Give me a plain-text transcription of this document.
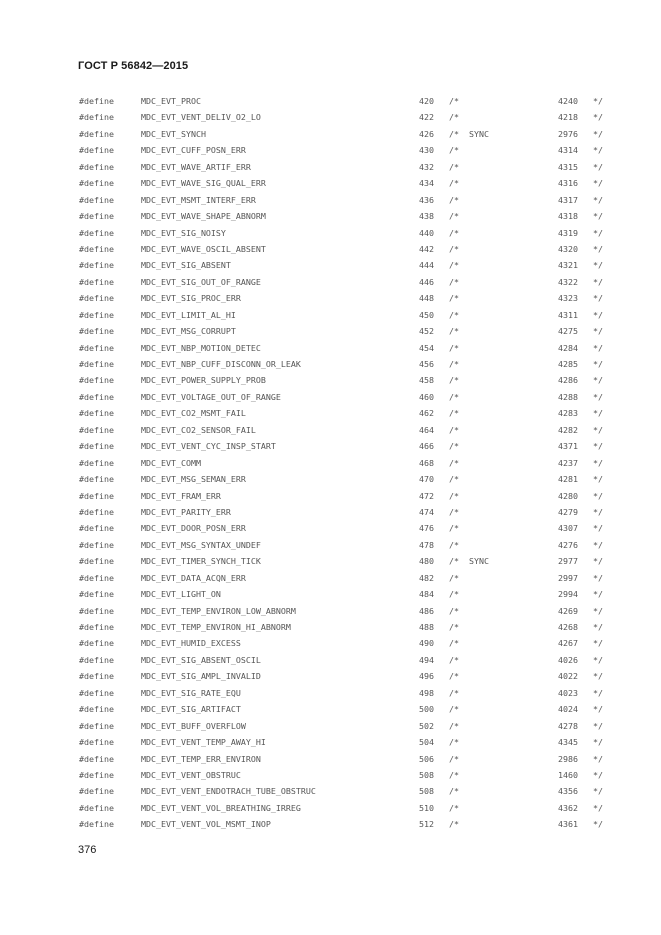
ГОСТ Р 56842—2015
#define	MDC_EVT_PROC	420 /*	4240 */
#define	MDC_EVT_VENT_DELIV_O2_LO	422 /*	4218 */
#define	MDC_EVT_SYNCH	426 /* SYNC	2976 */
#define	MDC_EVT_CUFF_POSN_ERR	430 /*	4314 */
#define	MDC_EVT_WAVE_ARTIF_ERR	432 /*	4315 */
#define	MDC_EVT_WAVE_SIG_QUAL_ERR	434 /*	4316 */
#define	MDC_EVT_MSMT_INTERF_ERR	436 /*	4317 */
#define	MDC_EVT_WAVE_SHAPE_ABNORM	438 /*	4318 */
#define	MDC_EVT_SIG_NOISY	440 /*	4319 */
#define	MDC_EVT_WAVE_OSCIL_ABSENT	442 /*	4320 */
#define	MDC_EVT_SIG_ABSENT	444 /*	4321 */
#define	MDC_EVT_SIG_OUT_OF_RANGE	446 /*	4322 */
#define	MDC_EVT_SIG_PROC_ERR	448 /*	4323 */
#define	MDC_EVT_LIMIT_AL_HI	450 /*	4311 */
#define	MDC_EVT_MSG_CORRUPT	452 /*	4275 */
#define	MDC_EVT_NBP_MOTION_DETEC	454 /*	4284 */
#define	MDC_EVT_NBP_CUFF_DISCONN_OR_LEAK	456 /*	4285 */
#define	MDC_EVT_POWER_SUPPLY_PROB	458 /*	4286 */
#define	MDC_EVT_VOLTAGE_OUT_OF_RANGE	460 /*	4288 */
#define	MDC_EVT_CO2_MSMT_FAIL	462 /*	4283 */
#define	MDC_EVT_CO2_SENSOR_FAIL	464 /*	4282 */
#define	MDC_EVT_VENT_CYC_INSP_START	466 /*	4371 */
#define	MDC_EVT_COMM	468 /*	4237 */
#define	MDC_EVT_MSG_SEMAN_ERR	470 /*	4281 */
#define	MDC_EVT_FRAM_ERR	472 /*	4280 */
#define	MDC_EVT_PARITY_ERR	474 /*	4279 */
#define	MDC_EVT_DOOR_POSN_ERR	476 /*	4307 */
#define	MDC_EVT_MSG_SYNTAX_UNDEF	478 /*	4276 */
#define	MDC_EVT_TIMER_SYNCH_TICK	480 /* SYNC	2977 */
#define	MDC_EVT_DATA_ACQN_ERR	482 /*	2997 */
#define	MDC_EVT_LIGHT_ON	484 /*	2994 */
#define	MDC_EVT_TEMP_ENVIRON_LOW_ABNORM	486 /*	4269 */
#define	MDC_EVT_TEMP_ENVIRON_HI_ABNORM	488 /*	4268 */
#define	MDC_EVT_HUMID_EXCESS	490 /*	4267 */
#define	MDC_EVT_SIG_ABSENT_OSCIL	494 /*	4026 */
#define	MDC_EVT_SIG_AMPL_INVALID	496 /*	4022 */
#define	MDC_EVT_SIG_RATE_EQU	498 /*	4023 */
#define	MDC_EVT_SIG_ARTIFACT	500 /*	4024 */
#define	MDC_EVT_BUFF_OVERFLOW	502 /*	4278 */
#define	MDC_EVT_VENT_TEMP_AWAY_HI	504 /*	4345 */
#define	MDC_EVT_TEMP_ERR_ENVIRON	506 /*	2986 */
#define	MDC_EVT_VENT_OBSTRUC	508 /*	1460 */
#define	MDC_EVT_VENT_ENDOTRACH_TUBE_OBSTRUC	508 /*	4356 */
#define	MDC_EVT_VENT_VOL_BREATHING_IRREG	510 /*	4362 */
#define	MDC_EVT_VENT_VOL_MSMT_INOP	512 /*	4361 */
376
